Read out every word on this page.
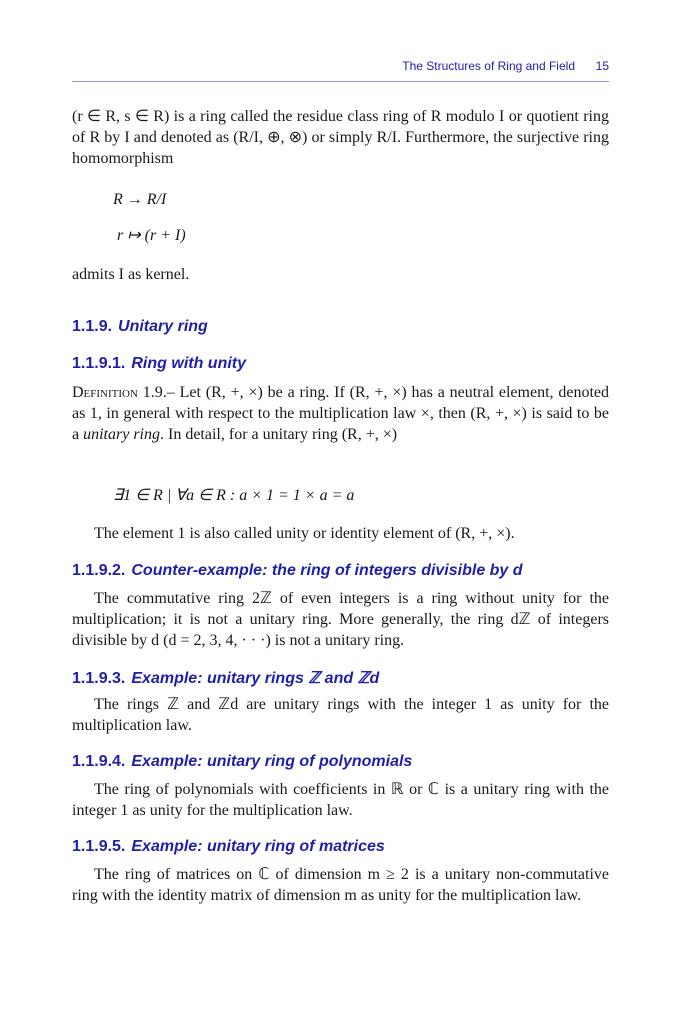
The Structures of Ring and Field 15

(r ∈ R, s ∈ R) is a ring called the residue class ring of R modulo I or quotient ring of R by I and denoted as (R/I, ⊕, ⊗) or simply R/I. Furthermore, the surjective ring homomorphism

R → R/I

r ↦ (r + I)

admits I as kernel.

1.1.9. Unitary ring
1.1.9.1. Ring with unity

Definition 1.9.– Let (R, +, ×) be a ring. If (R, +, ×) has a neutral element, denoted as 1, in general with respect to the multiplication law ×, then (R, +, ×) is said to be a unitary ring. In detail, for a unitary ring (R, +, ×)

∃1 ∈ R | ∀a ∈ R : a × 1 = 1 × a = a

The element 1 is also called unity or identity element of (R, +, ×).

1.1.9.2. Counter-example: the ring of integers divisible by d

The commutative ring 2ℤ of even integers is a ring without unity for the multiplication; it is not a unitary ring. More generally, the ring dℤ of integers divisible by d (d = 2, 3, 4, · · ·) is not a unitary ring.

1.1.9.3. Example: unitary rings ℤ and ℤd

The rings ℤ and ℤd are unitary rings with the integer 1 as unity for the multiplication law.

1.1.9.4. Example: unitary ring of polynomials

The ring of polynomials with coefficients in ℝ or ℂ is a unitary ring with the integer 1 as unity for the multiplication law.

1.1.9.5. Example: unitary ring of matrices

The ring of matrices on ℂ of dimension m ≥ 2 is a unitary non-commutative ring with the identity matrix of dimension m as unity for the multiplication law.
